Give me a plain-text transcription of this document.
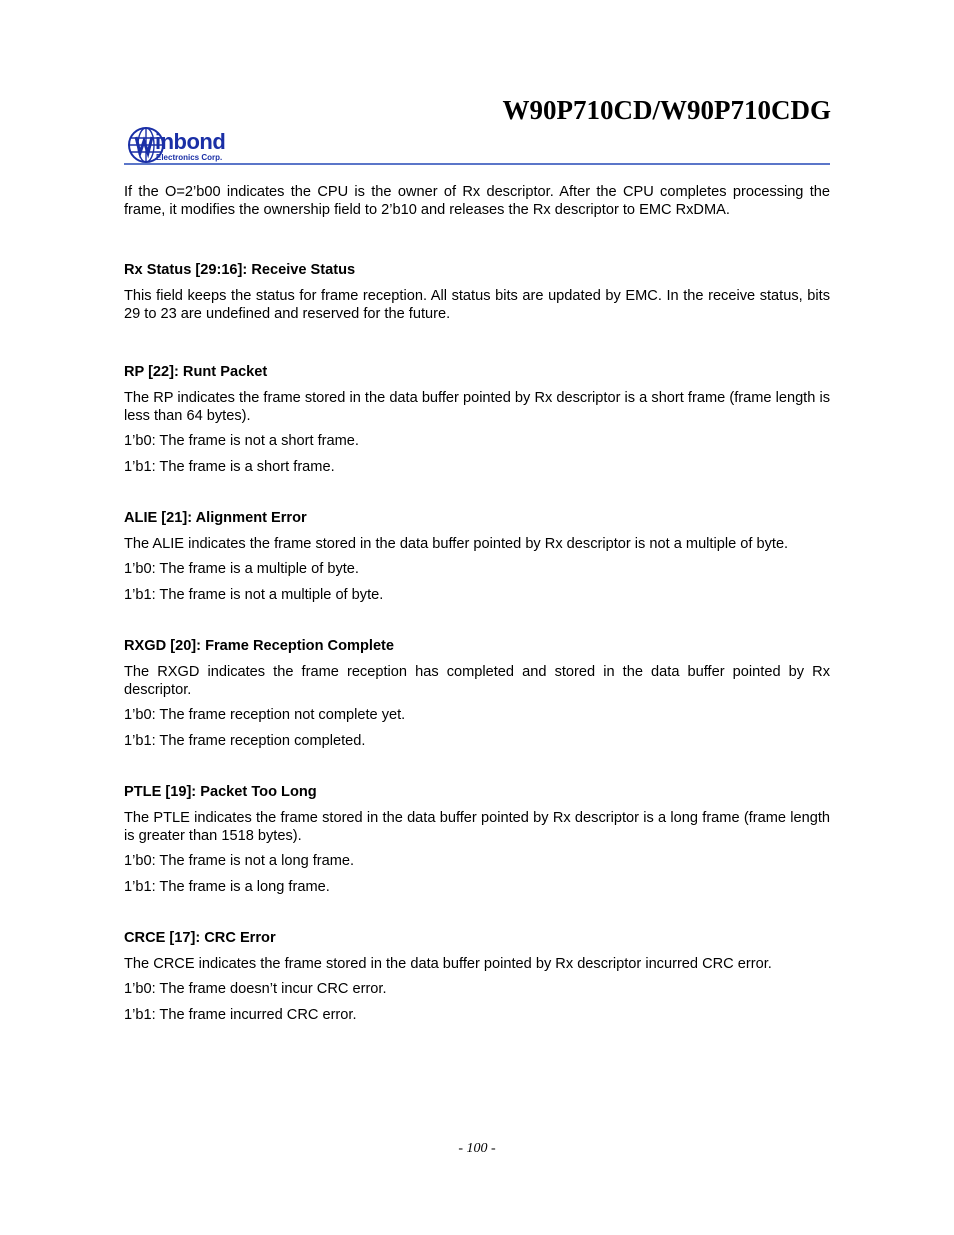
W90P710CD/W90P710CDG
inbond
Electronics Corp.

If the O=2’b00 indicates the CPU is the owner of Rx descriptor. After the CPU completes processing the frame, it modifies the ownership field to 2’b10 and releases the Rx descriptor to EMC RxDMA.

Rx Status [29:16]: Receive Status

This field keeps the status for frame reception. All status bits are updated by EMC. In the receive status, bits 29 to 23 are undefined and reserved for the future.

RP [22]: Runt Packet

The RP indicates the frame stored in the data buffer pointed by Rx descriptor is a short frame (frame length is less than 64 bytes).

1’b0: The frame is not a short frame.

1’b1: The frame is a short frame.

ALIE [21]: Alignment Error

The ALIE indicates the frame stored in the data buffer pointed by Rx descriptor is not a multiple of byte.

1’b0: The frame is a multiple of byte.

1’b1: The frame is not a multiple of byte.

RXGD [20]: Frame Reception Complete

The RXGD indicates the frame reception has completed and stored in the data buffer pointed by Rx descriptor.

1’b0: The frame reception not complete yet.

1’b1: The frame reception completed.

PTLE [19]: Packet Too Long

The PTLE indicates the frame stored in the data buffer pointed by Rx descriptor is a long frame (frame length is greater than 1518 bytes).

1’b0: The frame is not a long frame.

1’b1: The frame is a long frame.

CRCE [17]: CRC Error

The CRCE indicates the frame stored in the data buffer pointed by Rx descriptor incurred CRC error.

1’b0: The frame doesn’t incur CRC error.

1’b1: The frame incurred CRC error.

- 100 -
